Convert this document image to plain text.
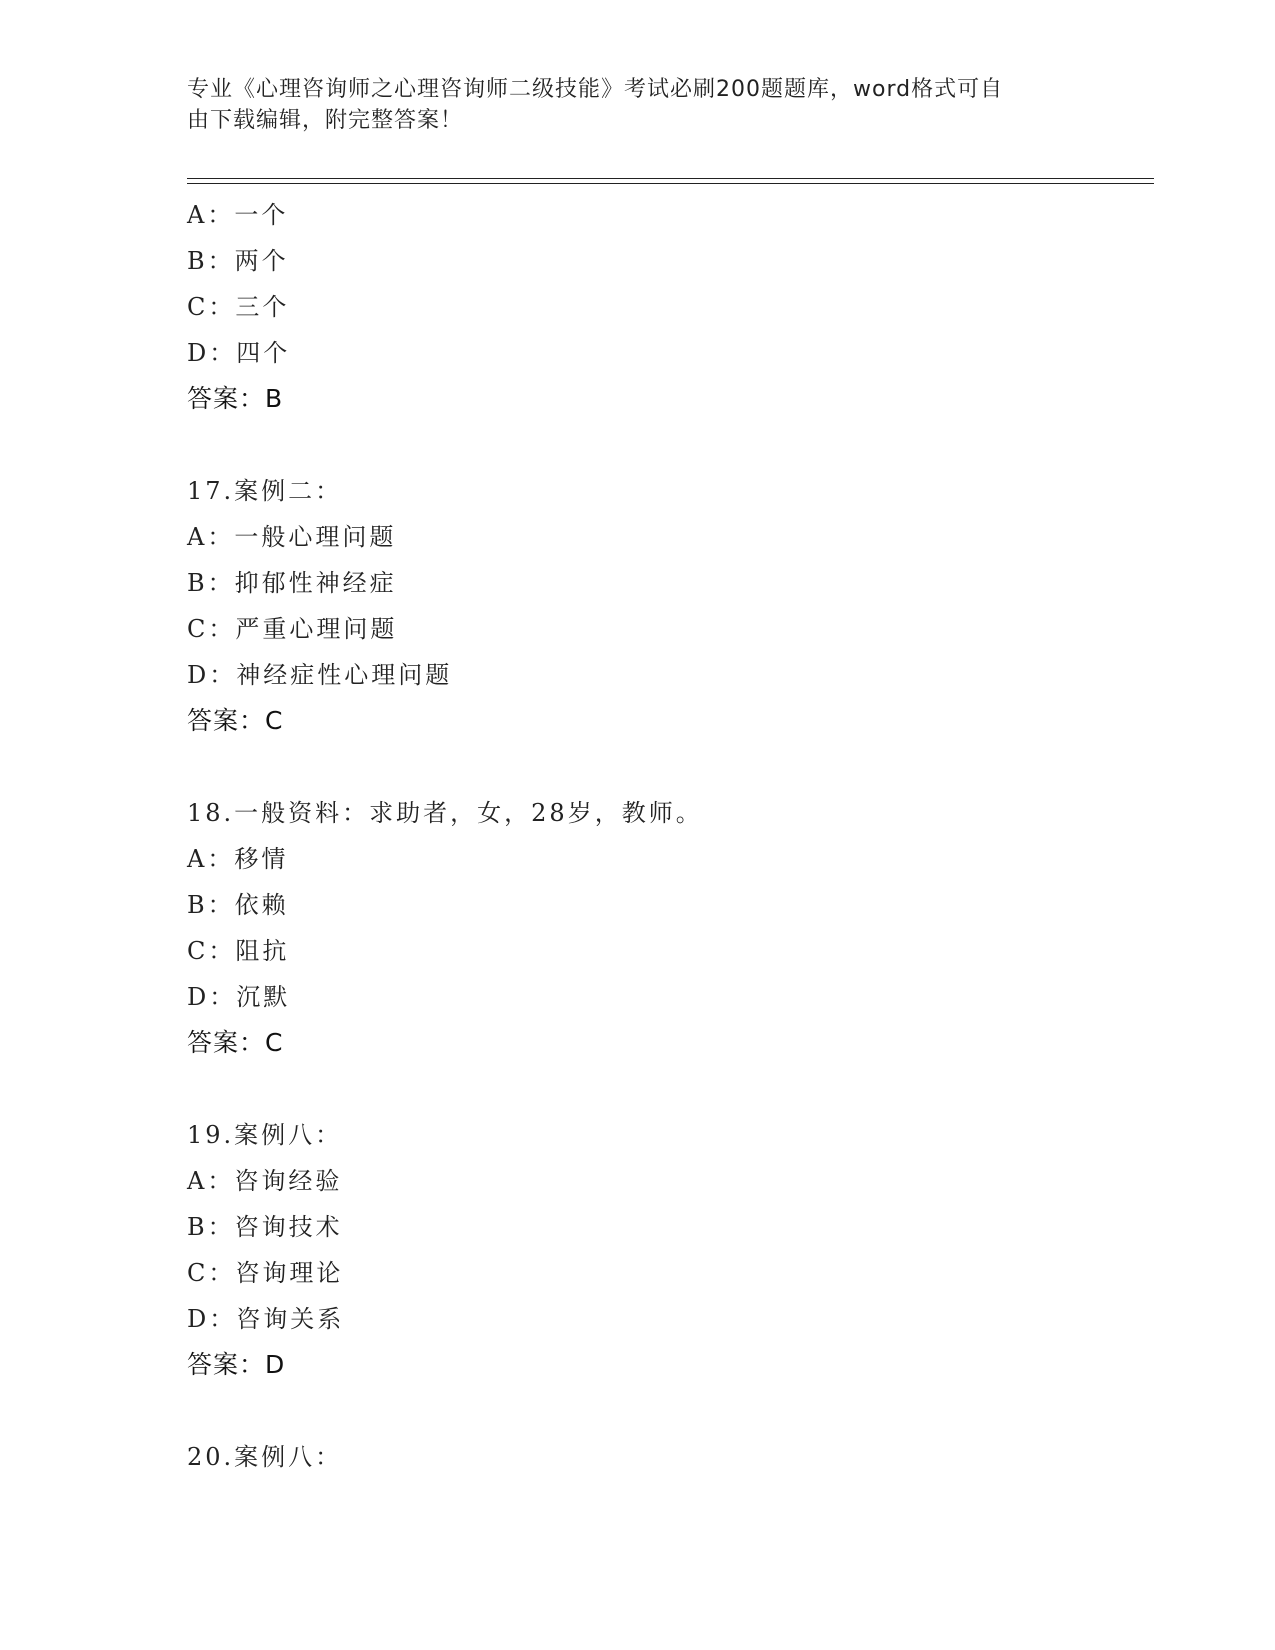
专业《心理咨询师之心理咨询师二级技能》考试必刷200题题库，word格式可自
由下载编辑，附完整答案！
A：一个
B：两个
C：三个
D：四个
答案：B
17.案例二：
A：一般心理问题
B：抑郁性神经症
C：严重心理问题
D：神经症性心理问题
答案：C
18.一般资料：求助者，女，28岁，教师。
A：移情
B：依赖
C：阻抗
D：沉默
答案：C
19.案例八：
A：咨询经验
B：咨询技术
C：咨询理论
D：咨询关系
答案：D
20.案例八：
